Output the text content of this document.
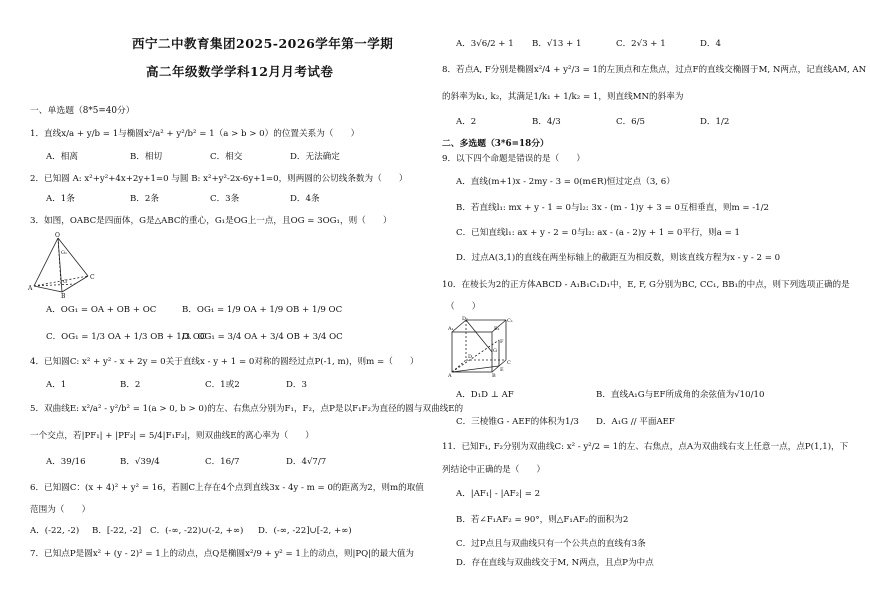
西宁二中教育集团2025-2026学年第一学期
高二年级数学学科12月月考试卷
一、单选题（8*5=40分）
1．直线x/a + y/b = 1与椭圆x²/a² + y²/b² = 1（a > b > 0）的位置关系为（　　）
A．相离	B．相切	C．相交	D．无法确定
2．已知圆 A: x²+y²+4x+2y+1=0 与圆 B: x²+y²-2x-6y+1=0，则两圆的公切线条数为（　　）
A．1条	B．2条	C．3条	D．4条
3．如图，OABC是四面体，G是△ABC的重心，G₁是OG上一点，且OG = 3OG₁，则（　　）
O
A
C
B
G
G₁
A．OG₁ = OA + OB + OC	B．OG₁ = 1/9 OA + 1/9 OB + 1/9 OC
C．OG₁ = 1/3 OA + 1/3 OB + 1/3 OC
D．OG₁ = 3/4 OA + 3/4 OB + 3/4 OC
4．已知圆C: x² + y² - x + 2y = 0关于直线x - y + 1 = 0对称的圆经过点P(-1, m)，则m =（　　）
A．1	B．2	C．1或2	D．3
5．双曲线E: x²/a² - y²/b² = 1(a > 0, b > 0)的左、右焦点分别为F₁，F₂，点P是以F₁F₂为直径的圆与双曲线E的
一个交点，若|PF₁| + |PF₂| = 5/4|F₁F₂|，则双曲线E的离心率为（　　）
A．39/16	B．√39/4	C．16/7	D．4√7/7
6．已知圆C：(x + 4)² + y² = 16，若圆C上存在4个点到直线3x - 4y - m = 0的距离为2，则m的取值
范围为（　　）
A．(-22, -2) B．[-22, -2] C．(-∞, -22)∪(-2, +∞) D．(-∞, -22]∪[-2, +∞)
7．已知点P是圆x² + (y - 2)² = 1上的动点，点Q是椭圆x²/9 + y² = 1上的动点，则|PQ|的最大值为
A．3√6/2 + 1 B．√13 + 1	C．2√3 + 1	D．4
8．若点A, F分别是椭圆x²/4 + y²/3 = 1的左顶点和左焦点，过点F的直线交椭圆于M, N两点，记直线AM, AN
的斜率为k₁, k₂，其满足1/k₁ + 1/k₂ = 1，则直线MN的斜率为
A．2	B．4/3	C．6/5	D．1/2
二、多选题（3*6=18分）
9．以下四个命题是错误的是（　　）
A．直线(m+1)x - 2my - 3 = 0(m∈R)恒过定点（3, 6）
B．若直线l₁: mx + y - 1 = 0与l₂: 3x - (m - 1)y + 3 = 0互相垂直，则m = -1/2
C．已知直线l₁: ax + y - 2 = 0与l₂: ax - (a - 2)y + 1 = 0平行，则a = 1
D．过点A(3,1)的直线在两坐标轴上的截距互为相反数，则该直线方程为x - y - 2 = 0
10．在棱长为2的正方体ABCD - A₁B₁C₁D₁中，E, F, G分别为BC, CC₁, BB₁的中点，则下列选项正确的是
（　　）
A₁	B₁
C₁
D₁
A	B
C
D
E
F
G
A．D₁D ⊥ AF	B．直线A₁G与EF所成角的余弦值为√10/10
C．三棱锥G - AEF的体积为1/3 D．A₁G // 平面AEF
11．已知F₁, F₂分别为双曲线C: x² - y²/2 = 1的左、右焦点，点A为双曲线右支上任意一点，点P(1,1)，下
列结论中正确的是（　　）
A．|AF₁| - |AF₂| = 2
B．若∠F₁AF₂ = 90°，则△F₁AF₂的面积为2
C．过P点且与双曲线只有一个公共点的直线有3条
D．存在直线与双曲线交于M, N两点，且点P为中点
